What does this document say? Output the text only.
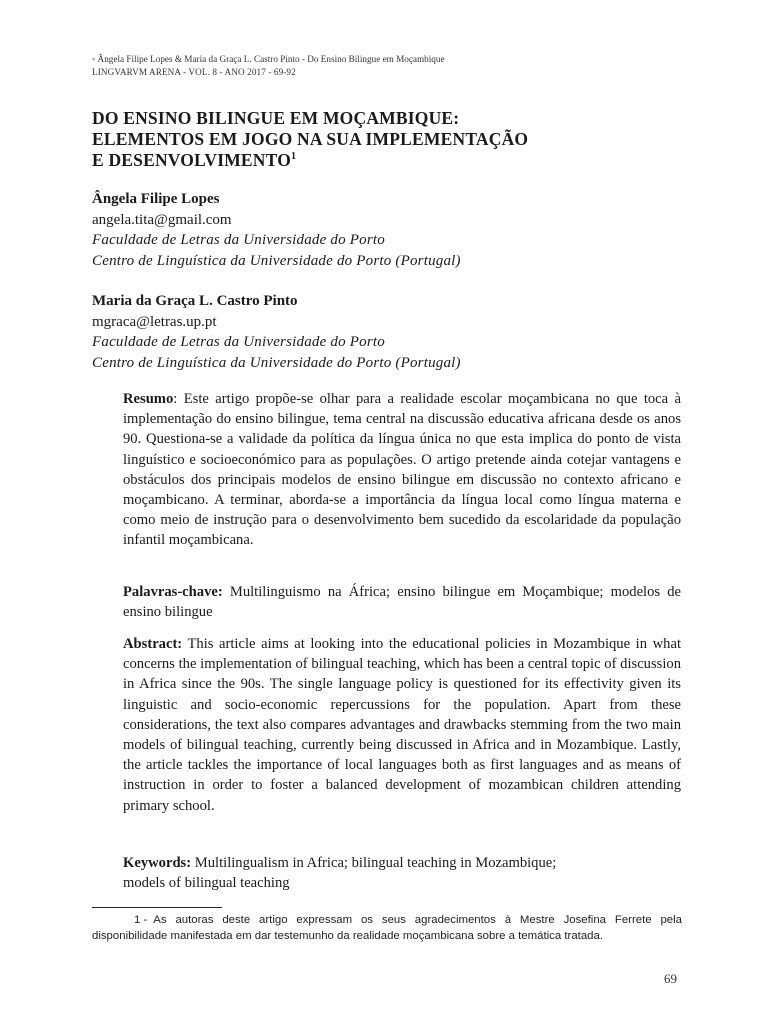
◦ Ângela Filipe Lopes & Maria da Graça L. Castro Pinto - Do Ensino Bilingue em Moçambique
LINGVARVM ARENA - VOL. 8 - ANO 2017 - 69-92
DO ENSINO BILINGUE EM MOÇAMBIQUE:
ELEMENTOS EM JOGO NA SUA IMPLEMENTAÇÃO
E DESENVOLVIMENTO$^1$
Ângela Filipe Lopes
angela.tita@gmail.com
Faculdade de Letras da Universidade do Porto
Centro de Linguística da Universidade do Porto (Portugal)
Maria da Graça L. Castro Pinto
mgraca@letras.up.pt
Faculdade de Letras da Universidade do Porto
Centro de Linguística da Universidade do Porto (Portugal)
Resumo: Este artigo propõe-se olhar para a realidade escolar moçambicana no que toca à implementação do ensino bilingue, tema central na discussão educativa africana desde os anos 90. Questiona-se a validade da política da língua única no que esta implica do ponto de vista linguístico e socioeconómico para as populações. O artigo pretende ainda cotejar vantagens e obstáculos dos principais modelos de ensino bilingue em discussão no contexto africano e moçambicano. A terminar, aborda-se a importância da língua local como língua materna e como meio de instrução para o desenvolvimento bem sucedido da escolaridade da população infantil moçambicana.
Palavras-chave: Multilinguismo na África; ensino bilingue em Moçambique; modelos de ensino bilingue
Abstract: This article aims at looking into the educational policies in Mozambique in what concerns the implementation of bilingual teaching, which has been a central topic of discussion in Africa since the 90s. The single language policy is questioned for its effectivity given its linguistic and socio-economic repercussions for the population. Apart from these considerations, the text also compares advantages and drawbacks stemming from the two main models of bilingual teaching, currently being discussed in Africa and in Mozambique. Lastly, the article tackles the importance of local languages both as first languages and as means of instruction in order to foster a balanced development of mozambican children attending primary school.
Keywords: Multilingualism in Africa; bilingual teaching in Mozambique;
models of bilingual teaching
1 - As autoras deste artigo expressam os seus agradecimentos à Mestre Josefina Ferrete pela disponibilidade manifestada em dar testemunho da realidade moçambicana sobre a temática tratada.
69
